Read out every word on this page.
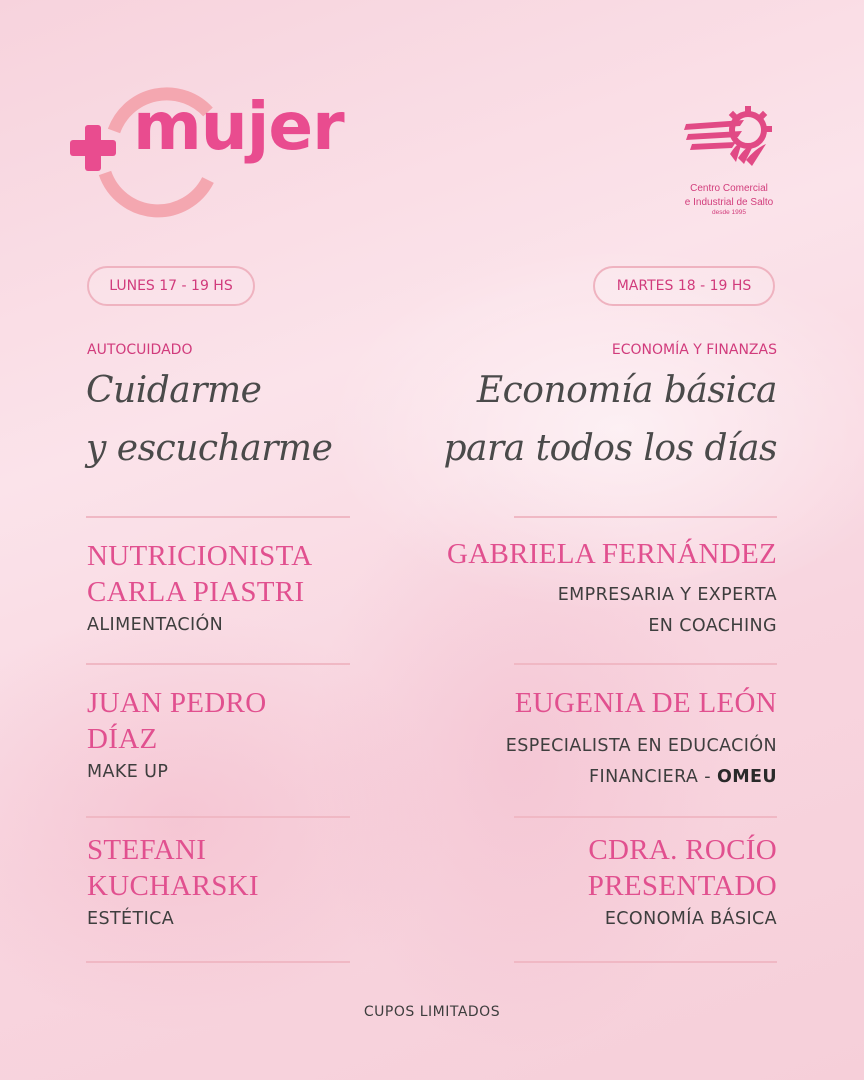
mujer
Centro Comercial
e Industrial de Salto
desde 1995
LUNES 17 - 19 HS	MARTES 18 - 19 HS
AUTOCUIDADO	ECONOMÍA Y FINANZAS
Cuidarme
y escucharme
Economía básica
para todos los días
NUTRICIONISTA
CARLA PIASTRI
ALIMENTACIÓN
JUAN PEDRO
DÍAZ
MAKE UP
STEFANI
KUCHARSKI
ESTÉTICA
GABRIELA FERNÁNDEZ
EMPRESARIA Y EXPERTA
EN COACHING
EUGENIA DE LEÓN
ESPECIALISTA EN EDUCACIÓN
FINANCIERA - OMEU
CDRA. ROCÍO
PRESENTADO
ECONOMÍA BÁSICA
CUPOS LIMITADOS
